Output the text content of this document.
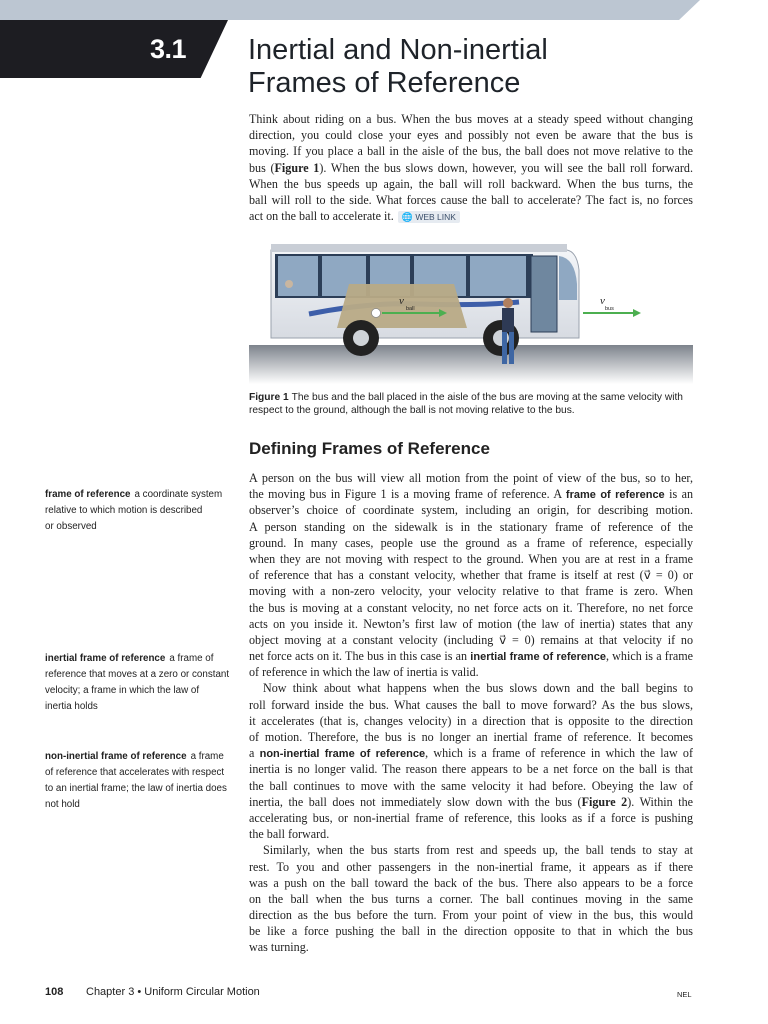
3.1 Inertial and Non-inertial
Frames of Reference
Think about riding on a bus. When the bus moves at a steady speed without changing
direction, you could close your eyes and possibly not even be aware that the bus is
moving. If you place a ball in the aisle of the bus, the ball does not move relative to the
bus (Figure 1). When the bus slows down, however, you will see the ball roll forward.
When the bus speeds up again, the ball will roll backward. When the bus turns, the
ball will roll to the side. What forces cause the ball to accelerate? The fact is, no forces
act on the ball to accelerate it. 🌐 WEB LINK
v
ball
v
bus
Figure 1 The bus and the ball placed in the aisle of the bus are moving at the same velocity with
respect to the ground, although the ball is not moving relative to the bus.
Defining Frames of Reference
frame of reference a coordinate system
relative to which motion is described
or observed
inertial frame of reference a frame of
reference that moves at a zero or constant
velocity; a frame in which the law of
inertia holds
non-inertial frame of reference a frame
of reference that accelerates with respect
to an inertial frame; the law of inertia does
not hold
A person on the bus will view all motion from the point of view of the bus, so to her,
the moving bus in Figure 1 is a moving frame of reference. A frame of reference is an
observer’s choice of coordinate system, including an origin, for describing motion.
A person standing on the sidewalk is in the stationary frame of reference of the
ground. In many cases, people use the ground as a frame of reference, especially
when they are not moving with respect to the ground. When you are at rest in a frame
of reference that has a constant velocity, whether that frame is itself at rest (v⃗ = 0) or
moving with a non-zero velocity, your velocity relative to that frame is zero. When
the bus is moving at a constant velocity, no net force acts on it. Therefore, no net force
acts on you inside it. Newton’s first law of motion (the law of inertia) states that any
object moving at a constant velocity (including v⃗ = 0) remains at that velocity if no
net force acts on it. The bus in this case is an inertial frame of reference, which is a frame
of reference in which the law of inertia is valid.
Now think about what happens when the bus slows down and the ball begins to
roll forward inside the bus. What causes the ball to move forward? As the bus slows,
it accelerates (that is, changes velocity) in a direction that is opposite to the direction
of motion. Therefore, the bus is no longer an inertial frame of reference. It becomes
a non-inertial frame of reference, which is a frame of reference in which the law of
inertia is no longer valid. The reason there appears to be a net force on the ball is that
the ball continues to move with the same velocity it had before. Obeying the law of
inertia, the ball does not immediately slow down with the bus (Figure 2). Within the
accelerating bus, or non-inertial frame of reference, this looks as if a force is pushing
the ball forward.
Similarly, when the bus starts from rest and speeds up, the ball tends to stay at
rest. To you and other passengers in the non-inertial frame, it appears as if there
was a push on the ball toward the back of the bus. There also appears to be a force
on the ball when the bus turns a corner. The ball continues moving in the same
direction as the bus before the turn. From your point of view in the bus, this would
be like a force pushing the ball in the direction opposite to that in which the bus
was turning.
108 Chapter 3 • Uniform Circular Motion	NEL
